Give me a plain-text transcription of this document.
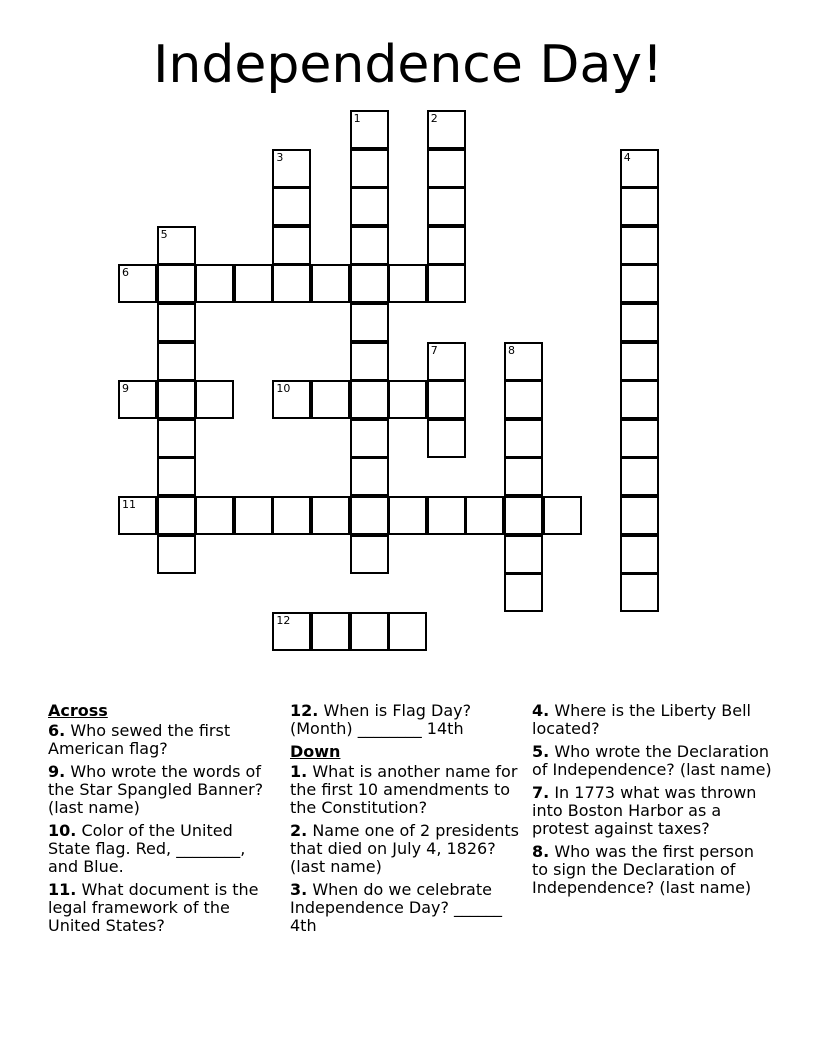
Independence Day!
6
9	10
11
12
1	2
3	4
5
7	8
Across
6. Who sewed the first American flag?
9. Who wrote the words of the Star Spangled Banner? (last name)
10. Color of the United State flag. Red, ________, and Blue.
11. What document is the legal framework of the United States?
12. When is Flag Day? (Month) ________ 14th
Down
1. What is another name for the first 10 amendments to the Constitution?
2. Name one of 2 presidents that died on July 4, 1826? (last name)
3. When do we celebrate Independence Day? ______ 4th
4. Where is the Liberty Bell located?
5. Who wrote the Declaration of Independence? (last name)
7. In 1773 what was thrown into Boston Harbor as a protest against taxes?
8. Who was the first person to sign the Declaration of Independence? (last name)
